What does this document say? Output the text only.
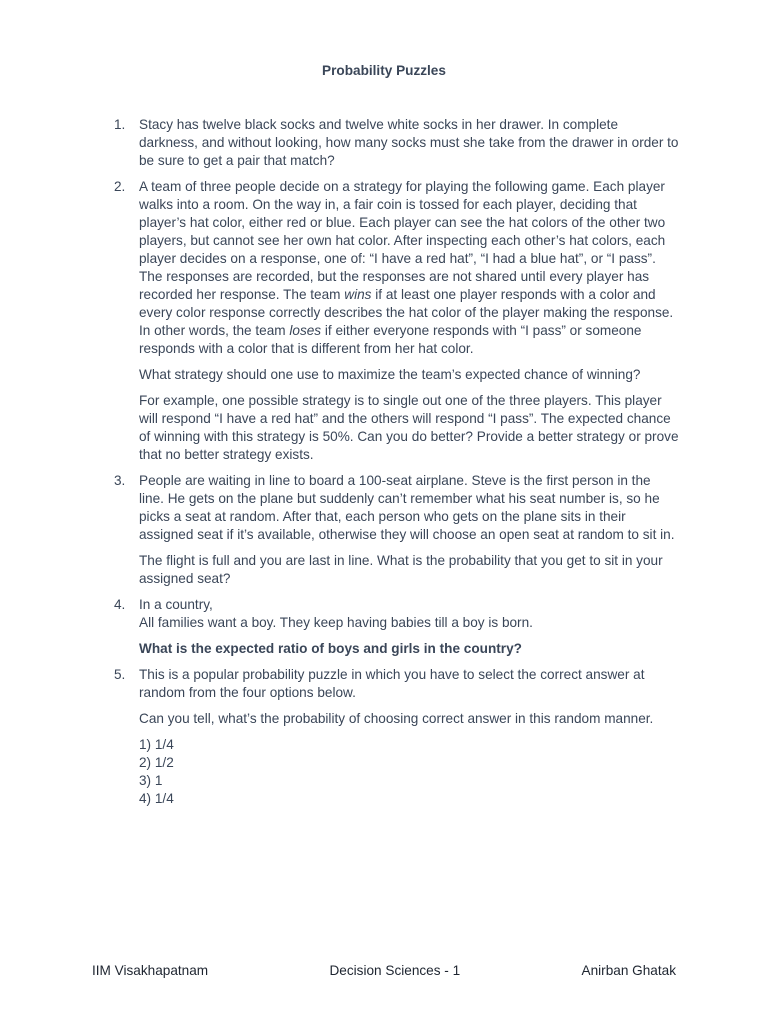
Probability Puzzles
1. Stacy has twelve black socks and twelve white socks in her drawer. In complete darkness, and without looking, how many socks must she take from the drawer in order to be sure to get a pair that match?

2. A team of three people decide on a strategy for playing the following game. Each player walks into a room. On the way in, a fair coin is tossed for each player, deciding that player’s hat color, either red or blue. Each player can see the hat colors of the other two players, but cannot see her own hat color. After inspecting each other’s hat colors, each player decides on a response, one of: “I have a red hat”, “I had a blue hat”, or “I pass”. The responses are recorded, but the responses are not shared until every player has recorded her response. The team wins if at least one player responds with a color and every color response correctly describes the hat color of the player making the response. In other words, the team loses if either everyone responds with “I pass” or someone responds with a color that is different from her hat color.

What strategy should one use to maximize the team’s expected chance of winning?

For example, one possible strategy is to single out one of the three players. This player will respond “I have a red hat” and the others will respond “I pass”. The expected chance of winning with this strategy is 50%. Can you do better? Provide a better strategy or prove that no better strategy exists.

3. People are waiting in line to board a 100-seat airplane. Steve is the first person in the line. He gets on the plane but suddenly can’t remember what his seat number is, so he picks a seat at random. After that, each person who gets on the plane sits in their assigned seat if it’s available, otherwise they will choose an open seat at random to sit in.

The flight is full and you are last in line. What is the probability that you get to sit in your assigned seat?

4. In a country,
All families want a boy. They keep having babies till a boy is born.

What is the expected ratio of boys and girls in the country?

5. This is a popular probability puzzle in which you have to select the correct answer at random from the four options below.

Can you tell, what’s the probability of choosing correct answer in this random manner.

1) 1/4
2) 1/2
3) 1
4) 1/4
IIM Visakhapatnam	Decision Sciences - 1	Anirban Ghatak
